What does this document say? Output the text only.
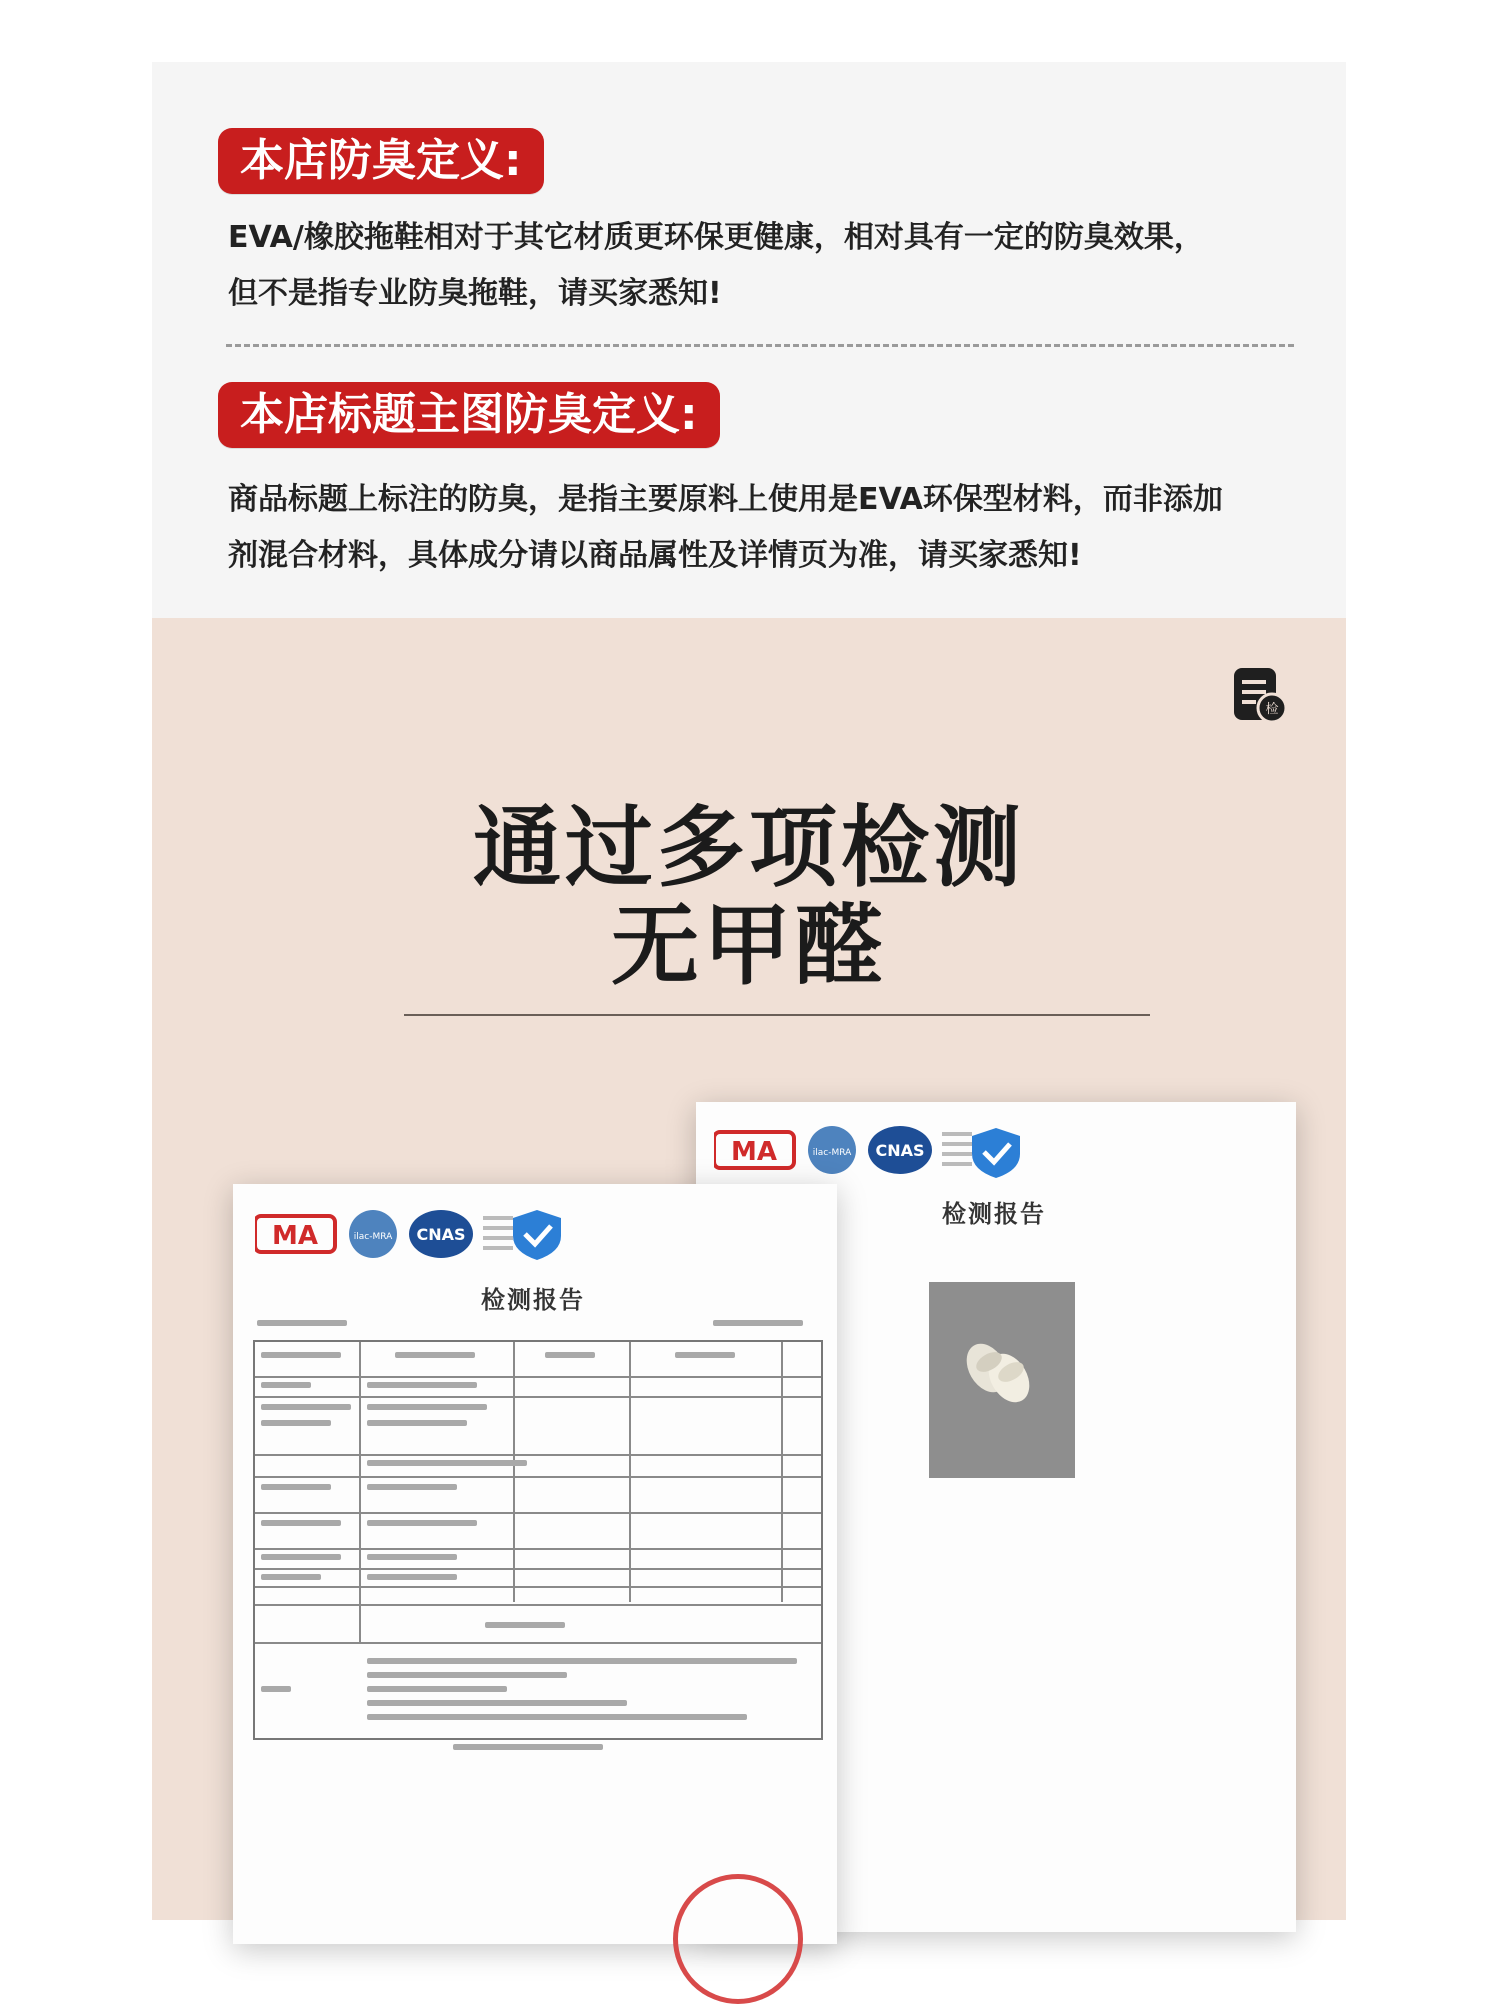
本店防臭定义:
EVA/橡胶拖鞋相对于其它材质更环保更健康，相对具有一定的防臭效果，
但不是指专业防臭拖鞋，请买家悉知!
本店标题主图防臭定义:
商品标题上标注的防臭，是指主要原料上使用是EVA环保型材料，而非添加
剂混合材料，具体成分请以商品属性及详情页为准，请买家悉知!
检
通过多项检测
无甲醛
MA	ilac-MRA CNAS
检测报告
MA	ilac-MRA CNAS
检测报告
